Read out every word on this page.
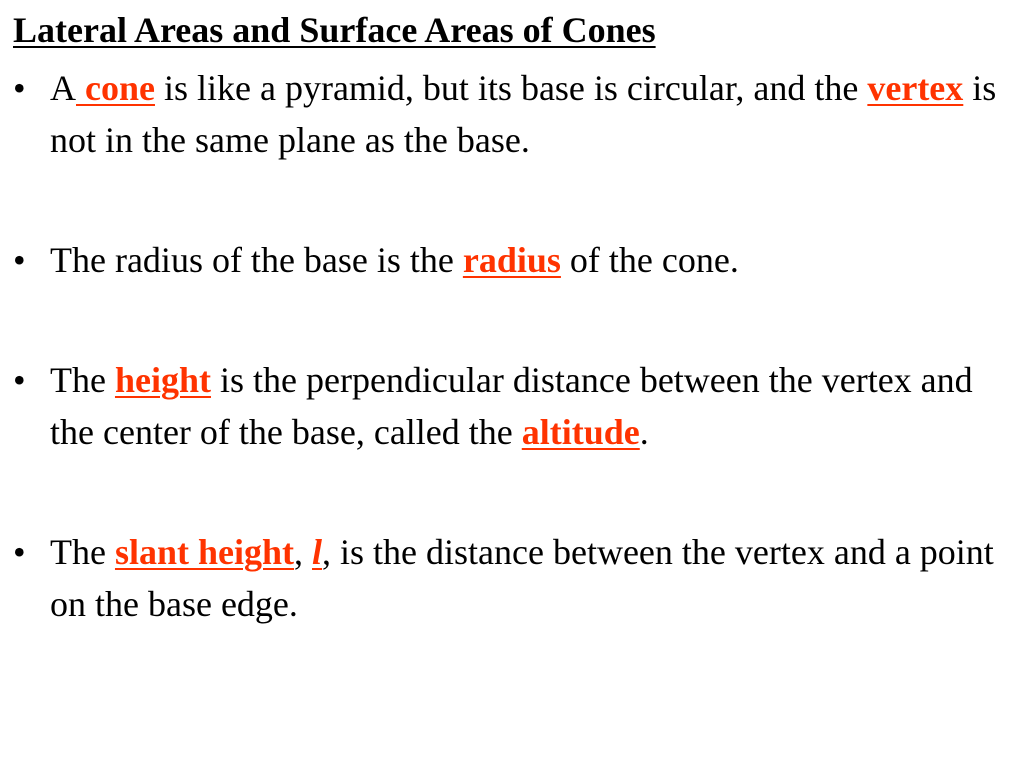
Lateral Areas and Surface Areas of Cones
• A cone is like a pyramid, but its base is circular, and the vertex is not in the same plane as the base.
• The radius of the base is the radius of the cone.
• The height is the perpendicular distance between the vertex and the center of the base, called the altitude.
• The slant height, l, is the distance between the vertex and a point on the base edge.
